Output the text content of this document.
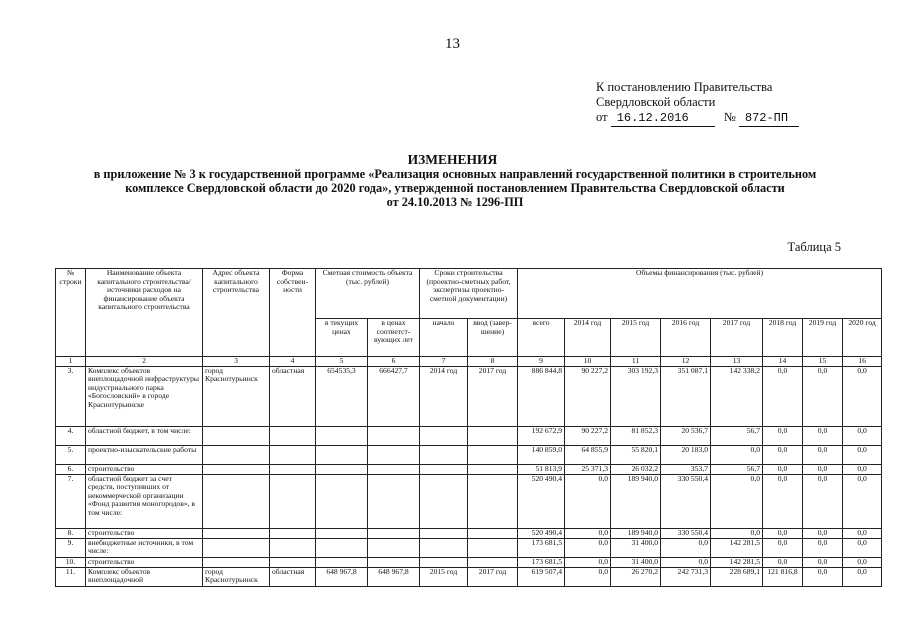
13
К постановлению Правительства
Свердловской области
от 16.12.2016	№ 872-ПП
ИЗМЕНЕНИЯ
в приложение № 3 к государственной программе «Реализация основных направлений государственной политики в строительном
комплексе Свердловской области до 2020 года», утвержденной постановлением Правительства Свердловской области
от 24.10.2013 № 1296-ПП
Таблица 5
№ строки	Наименование объекта капитального строительства/ источники расходов на финансирование объекта капитального строительства	Адрес объекта капитального строительства	Форма собствен-ности	Сметная стоимость объекта (тыс. рублей)		Сроки строительства (проектно-сметных работ, экспертизы проектно-сметной документации)		Объемы финансирования (тыс. рублей)							
				в текущих ценах	в ценах соответст-вующих лет	начало	ввод (завер-шение)	всего	2014 год	2015 год	2016 год	2017 год	2018 год	2019 год	2020 год
1	2	3	4	5	6	7	8	9	10	11	12	13	14	15	16
3.	Комплекс объектов внеплощадочной инфраструктуры индустриального парка «Богословский» в городе Краснотурьинске	город Краснотурьинск	областная	654535,3	666427,7	2014 год	2017 год	886 844,8	90 227,2	303 192,3	351 087,1	142 338,2	0,0	0,0	0,0
4.	областной бюджет, в том числе:							192 672,9	90 227,2	81 852,3	20 536,7	56,7	0,0	0,0	0,0
5.	проектно-изыскательские работы							140 859,0	64 855,9	55 820,1	20 183,0	0,0	0,0	0,0	0,0
6.	строительство							51 813,9	25 371,3	26 032,2	353,7	56,7	0,0	0,0	0,0
7.	областной бюджет за счет средств, поступивших от некоммерческой организации «Фонд развития моногородов», в том числе:							520 490,4	0,0	189 940,0	330 550,4	0,0	0,0	0,0	0,0
8.	строительство							520 490,4	0,0	189 940,0	330 550,4	0,0	0,0	0,0	0,0
9.	внебюджетные источники, в том числе:							173 681,5	0,0	31 400,0	0,0	142 281,5	0,0	0,0	0,0
10.	строительство							173 681,5	0,0	31 400,0	0,0	142 281,5	0,0	0,0	0,0
11.	Комплекс объектов внеплощадочной	город Краснотурьинск	областная	648 967,8	648 967,8	2015 год	2017 год	619 507,4	0,0	26 270,2	242 731,3	228 689,1	121 816,8	0,0	0,0
